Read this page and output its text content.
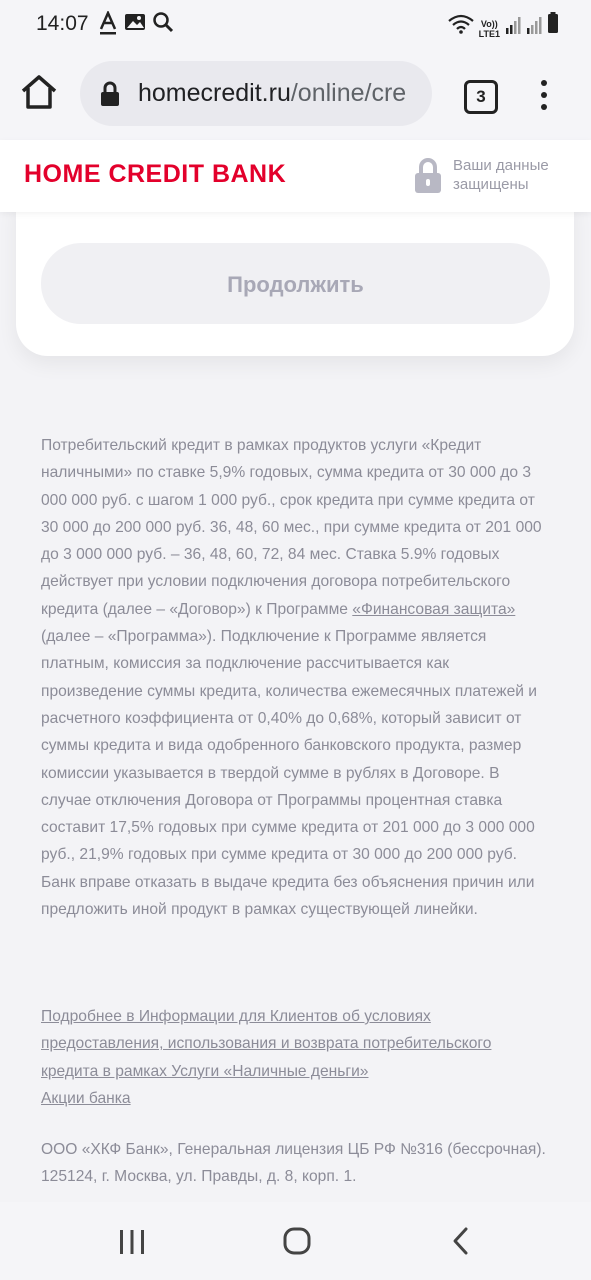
14:07	Vo))
LTE1
homecredit.ru/online/cre	3
HOME CREDIT BANK	Ваши данные
защищены
Продолжить
Потребительский кредит в рамках продуктов услуги «Кредит наличными» по ставке 5,9% годовых, сумма кредита от 30 000 до 3 000 000 руб. с шагом 1 000 руб., срок кредита при сумме кредита от 30 000 до 200 000 руб. 36, 48, 60 мес., при сумме кредита от 201 000 до 3 000 000 руб. – 36, 48, 60, 72, 84 мес. Ставка 5.9% годовых действует при условии подключения договора потребительского кредита (далее – «Договор») к Программе «Финансовая защита» (далее – «Программа»). Подключение к Программе является платным, комиссия за подключение рассчитывается как произведение суммы кредита, количества ежемесячных платежей и расчетного коэффициента от 0,40% до 0,68%, который зависит от суммы кредита и вида одобренного банковского продукта, размер комиссии указывается в твердой сумме в рублях в Договоре. В случае отключения Договора от Программы процентная ставка составит 17,5% годовых при сумме кредита от 201 000 до 3 000 000 руб., 21,9% годовых при сумме кредита от 30 000 до 200 000 руб. Банк вправе отказать в выдаче кредита без объяснения причин или предложить иной продукт в рамках существующей линейки.
Подробнее в Информации для Клиентов об условиях предоставления, использования и возврата потребительского кредита в рамках Услуги «Наличные деньги»
Акции банка
ООО «ХКФ Банк», Генеральная лицензия ЦБ РФ №316 (бессрочная). 125124, г. Москва, ул. Правды, д. 8, корп. 1.
